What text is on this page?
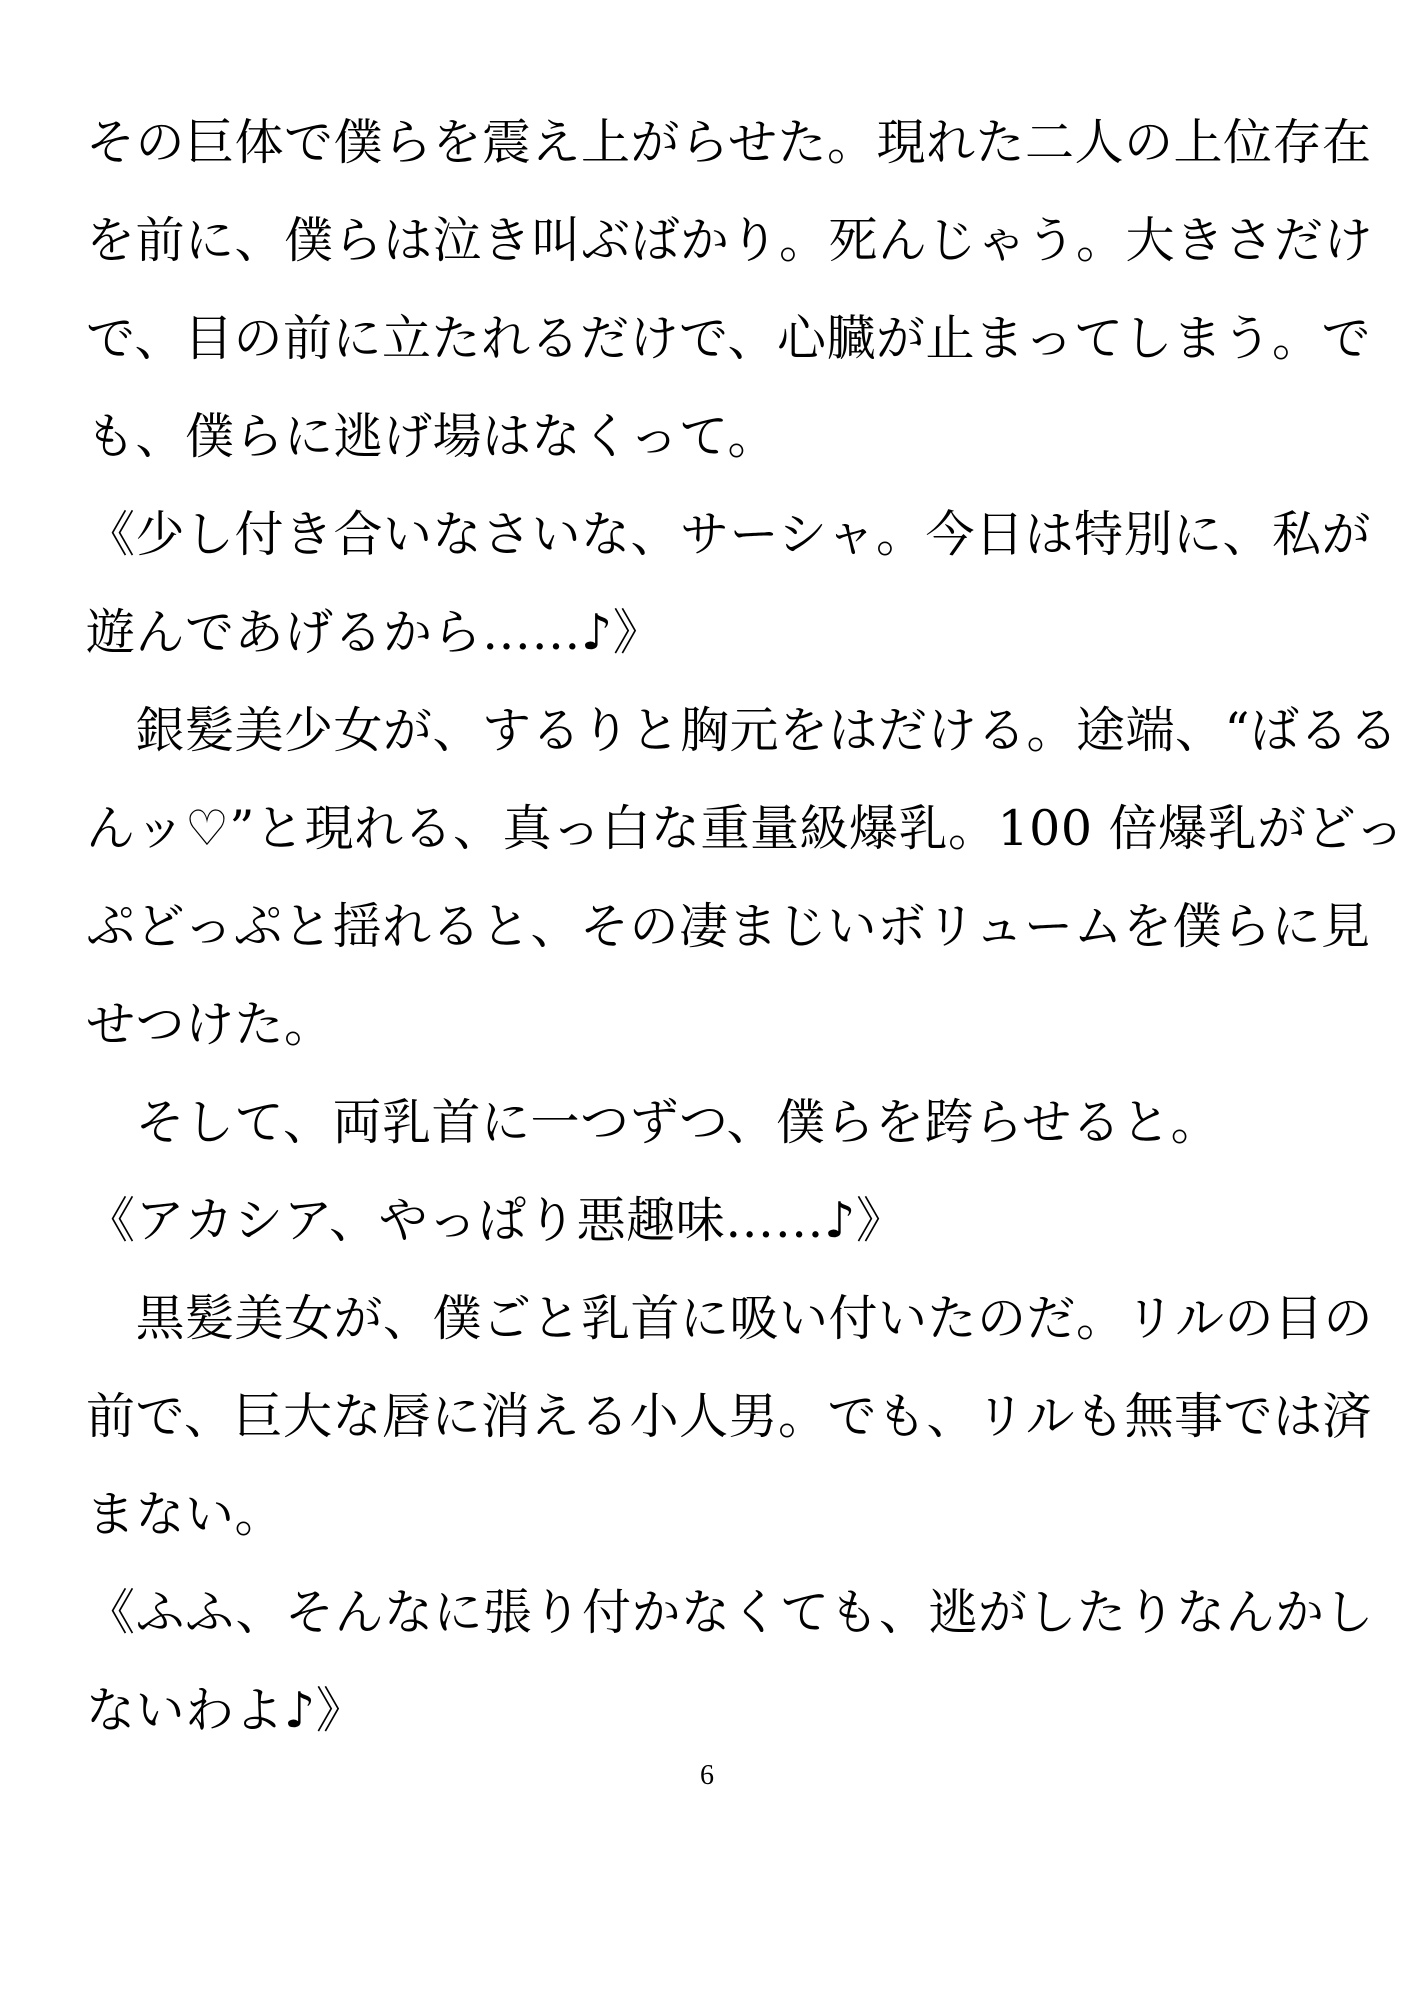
その巨体で僕らを震え上がらせた。現れた二人の上位存在
を前に、僕らは泣き叫ぶばかり。死んじゃう。大きさだけ
で、目の前に立たれるだけで、心臓が止まってしまう。で
も、僕らに逃げ場はなくって。
《少し付き合いなさいな、サーシャ。今日は特別に、私が
遊んであげるから……♪》
　銀髪美少女が、するりと胸元をはだける。途端、“ばるる
んッ♡”と現れる、真っ白な重量級爆乳。100 倍爆乳がどっ
ぷどっぷと揺れると、その凄まじいボリュームを僕らに見
せつけた。
　そして、両乳首に一つずつ、僕らを跨らせると。
《アカシア、やっぱり悪趣味……♪》
　黒髪美女が、僕ごと乳首に吸い付いたのだ。リルの目の
前で、巨大な唇に消える小人男。でも、リルも無事では済
まない。
《ふふ、そんなに張り付かなくても、逃がしたりなんかし
ないわよ♪》
6
